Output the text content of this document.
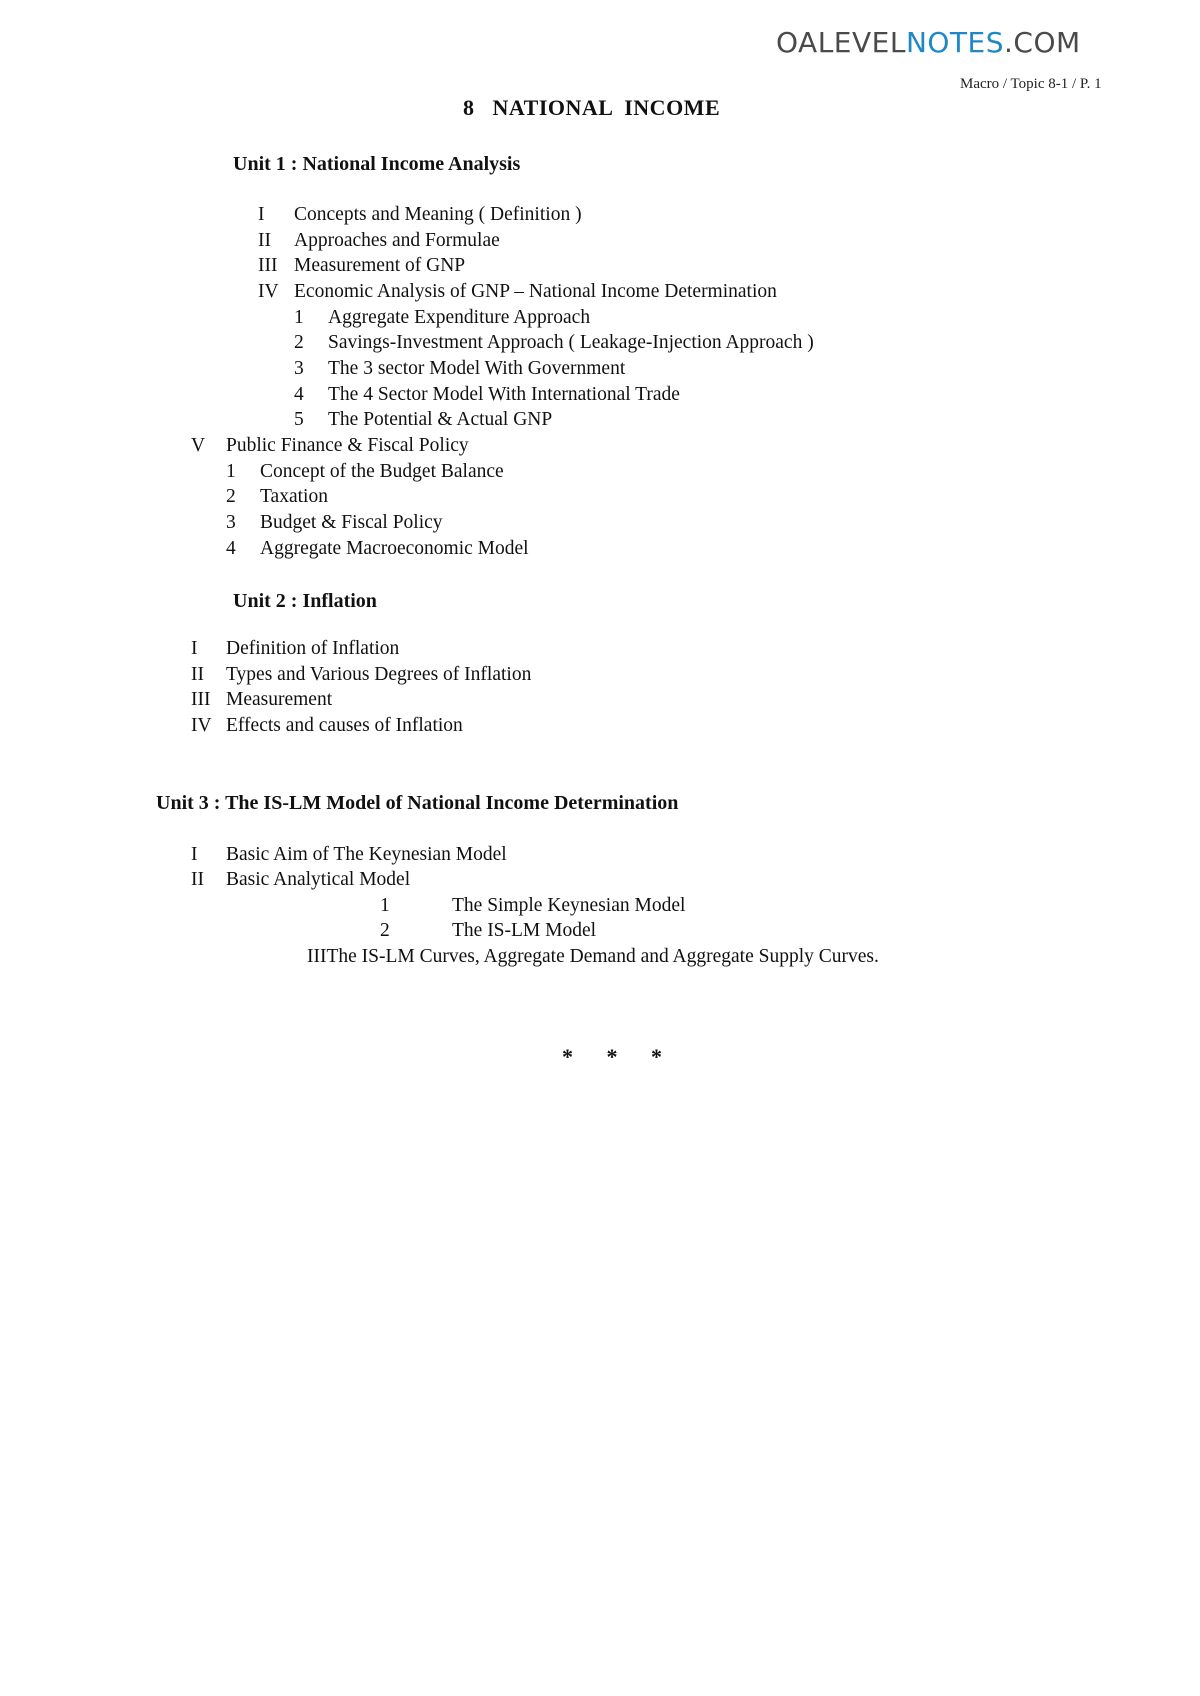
OALEVELNOTES.COM
Macro / Topic 8-1 / P. 1
8   NATIONAL  INCOME
Unit 1 : National Income Analysis
I Concepts and Meaning ( Definition )
II Approaches and Formulae
III Measurement of GNP
IV Economic Analysis of GNP – National Income Determination
1 Aggregate Expenditure Approach
2 Savings-Investment Approach ( Leakage-Injection Approach )
3 The 3 sector Model With Government
4 The 4 Sector Model With International Trade
5 The Potential & Actual GNP
V Public Finance & Fiscal Policy
1 Concept of the Budget Balance
2 Taxation
3 Budget & Fiscal Policy
4 Aggregate Macroeconomic Model
Unit 2 : Inflation
I Definition of Inflation
II Types and Various Degrees of Inflation
III Measurement
IV Effects and causes of Inflation
Unit 3 : The IS-LM Model of National Income Determination
I Basic Aim of The Keynesian Model
II Basic Analytical Model
1	The Simple Keynesian Model
2	The IS-LM Model
IIIThe IS-LM Curves, Aggregate Demand and Aggregate Supply Curves.
* * *
